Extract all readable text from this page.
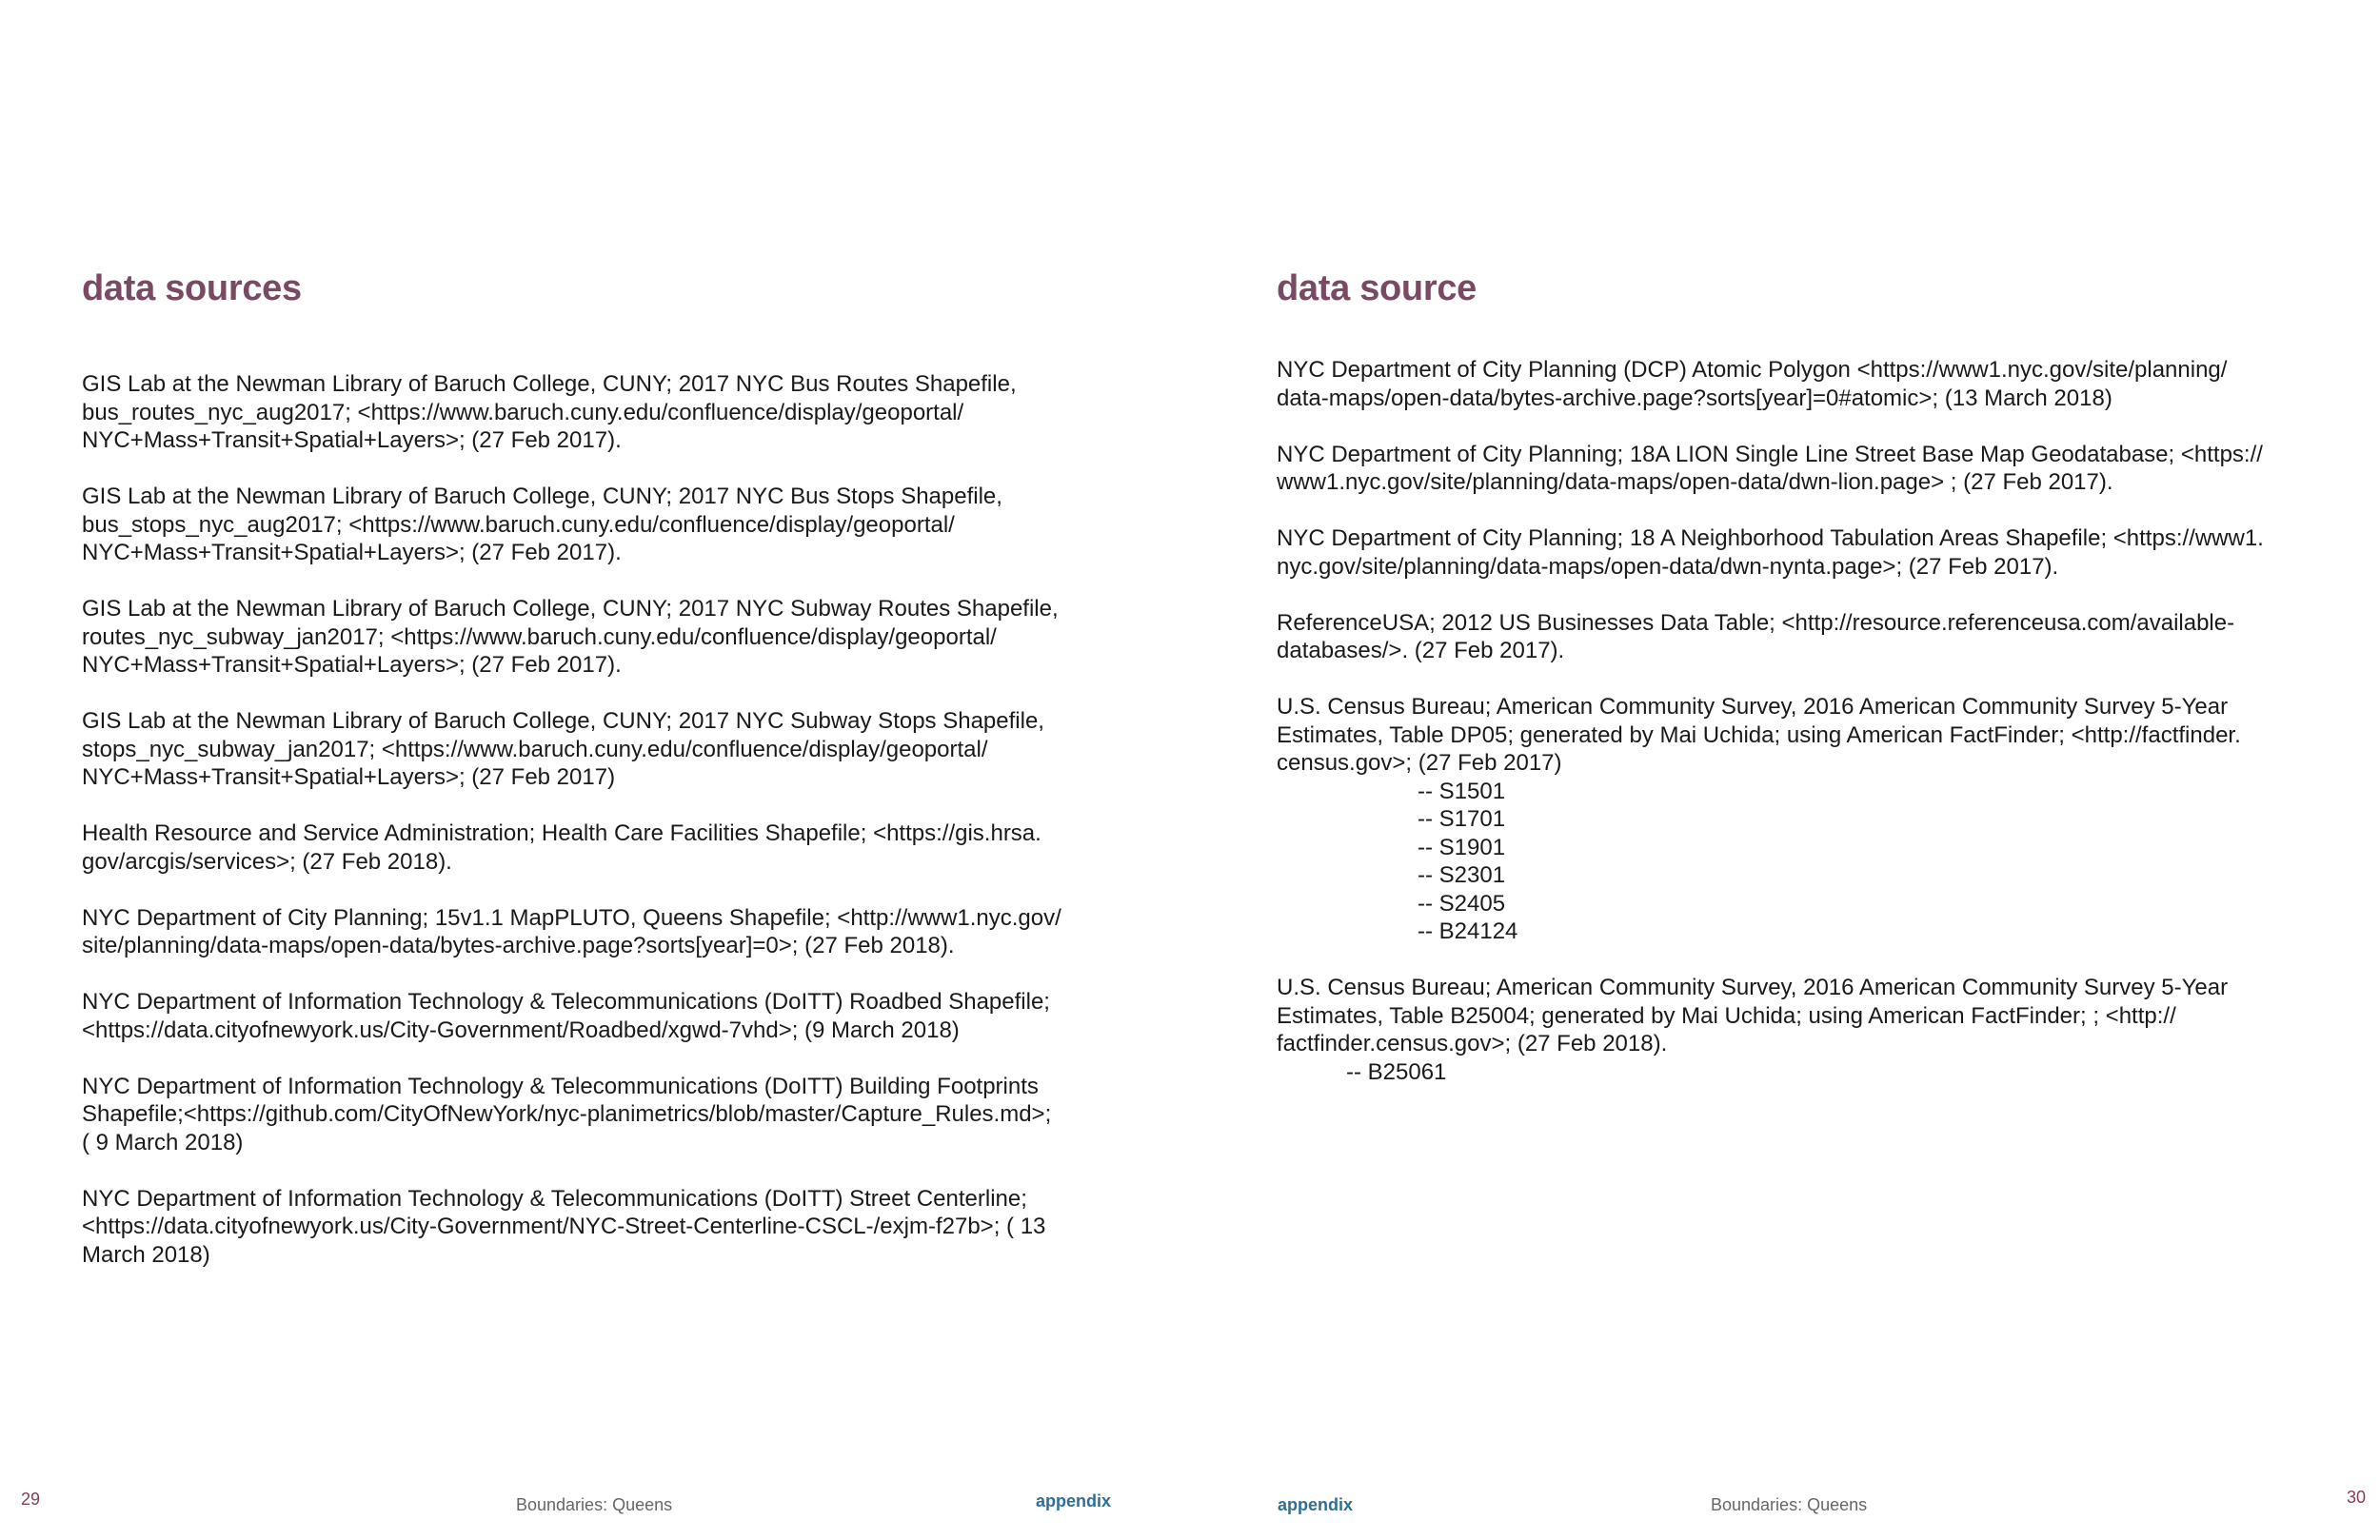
data sources
GIS Lab at the Newman Library of Baruch College, CUNY; 2017 NYC Bus Routes Shapefile,
bus_routes_nyc_aug2017; <https://www.baruch.cuny.edu/confluence/display/geoportal/
NYC+Mass+Transit+Spatial+Layers>; (27 Feb 2017).
GIS Lab at the Newman Library of Baruch College, CUNY; 2017 NYC Bus Stops Shapefile,
bus_stops_nyc_aug2017; <https://www.baruch.cuny.edu/confluence/display/geoportal/
NYC+Mass+Transit+Spatial+Layers>; (27 Feb 2017).
GIS Lab at the Newman Library of Baruch College, CUNY; 2017 NYC Subway Routes Shapefile,
routes_nyc_subway_jan2017; <https://www.baruch.cuny.edu/confluence/display/geoportal/
NYC+Mass+Transit+Spatial+Layers>; (27 Feb 2017).
GIS Lab at the Newman Library of Baruch College, CUNY; 2017 NYC Subway Stops Shapefile,
stops_nyc_subway_jan2017; <https://www.baruch.cuny.edu/confluence/display/geoportal/
NYC+Mass+Transit+Spatial+Layers>; (27 Feb 2017)
Health Resource and Service Administration; Health Care Facilities Shapefile; <https://gis.hrsa.
gov/arcgis/services>; (27 Feb 2018).
NYC Department of City Planning; 15v1.1 MapPLUTO, Queens Shapefile; <http://www1.nyc.gov/
site/planning/data-maps/open-data/bytes-archive.page?sorts[year]=0>; (27 Feb 2018).
NYC Department of Information Technology & Telecommunications (DoITT) Roadbed Shapefile;
<https://data.cityofnewyork.us/City-Government/Roadbed/xgwd-7vhd>; (9 March 2018)
NYC Department of Information Technology & Telecommunications (DoITT) Building Footprints
Shapefile;<https://github.com/CityOfNewYork/nyc-planimetrics/blob/master/Capture_Rules.md>;
( 9 March 2018)
NYC Department of Information Technology & Telecommunications (DoITT) Street Centerline;
<https://data.cityofnewyork.us/City-Government/NYC-Street-Centerline-CSCL-/exjm-f27b>; ( 13
March 2018)
29	Boundaries: Queens	appendix
data source
NYC Department of City Planning (DCP) Atomic Polygon <https://www1.nyc.gov/site/planning/
data-maps/open-data/bytes-archive.page?sorts[year]=0#atomic>; (13 March 2018)
NYC Department of City Planning; 18A LION Single Line Street Base Map Geodatabase; <https://
www1.nyc.gov/site/planning/data-maps/open-data/dwn-lion.page> ; (27 Feb 2017).
NYC Department of City Planning; 18 A Neighborhood Tabulation Areas Shapefile; <https://www1.
nyc.gov/site/planning/data-maps/open-data/dwn-nynta.page>; (27 Feb 2017).
ReferenceUSA; 2012 US Businesses Data Table; <http://resource.referenceusa.com/available-
databases/>. (27 Feb 2017).
U.S. Census Bureau; American Community Survey, 2016 American Community Survey 5-Year
Estimates, Table DP05; generated by Mai Uchida; using American FactFinder; <http://factfinder.
census.gov>; (27 Feb 2017)
-- S1501
-- S1701
-- S1901
-- S2301
-- S2405
-- B24124
U.S. Census Bureau; American Community Survey, 2016 American Community Survey 5-Year
Estimates, Table B25004; generated by Mai Uchida; using American FactFinder; ; <http://
factfinder.census.gov>; (27 Feb 2018).
-- B25061
appendix	Boundaries: Queens	30
